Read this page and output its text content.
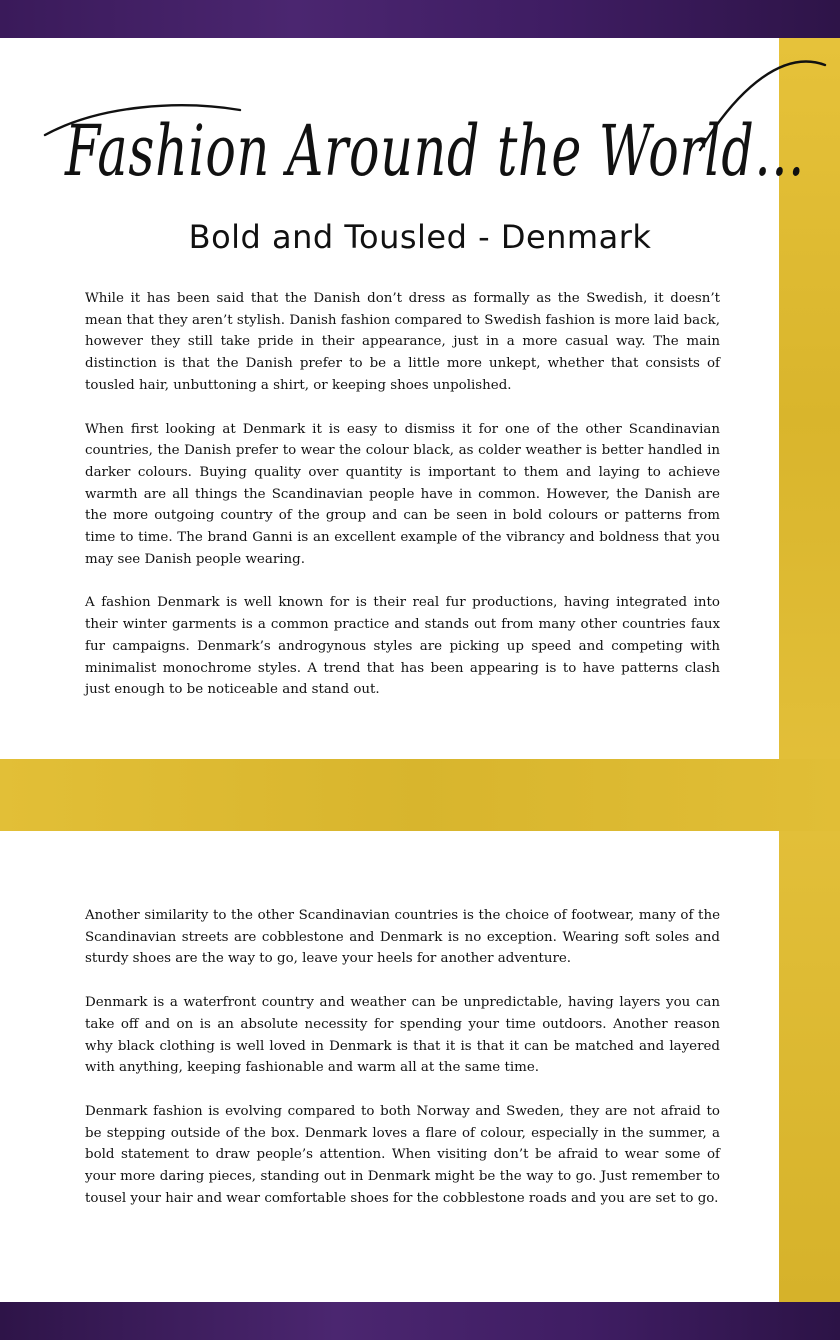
Fashion Around the World...
Bold and Tousled - Denmark

While it has been said that the Danish don’t dress as formally as the Swedish, it doesn’t mean that they aren’t stylish. Danish fashion compared to Swedish fashion is more laid back, however they still take pride in their appearance, just in a more casual way. The main distinction is that the Danish prefer to be a little more unkept, whether that consists of tousled hair, unbuttoning a shirt, or keeping shoes unpolished.

When first looking at Denmark it is easy to dismiss it for one of the other Scandinavian countries, the Danish prefer to wear the colour black, as colder weather is better handled in darker colours. Buying quality over quantity is important to them and laying to achieve warmth are all things the Scandinavian people have in common. However, the Danish are the more outgoing country of the group and can be seen in bold colours or patterns from time to time. The brand Ganni is an excellent example of the vibrancy and boldness that you may see Danish people wearing.

A fashion Denmark is well known for is their real fur productions, having integrated into their winter garments is a common practice and stands out from many other countries faux fur campaigns. Denmark’s androgynous styles are picking up speed and competing with minimalist monochrome styles. A trend that has been appearing is to have patterns clash just enough to be noticeable and stand out.

Another similarity to the other Scandinavian countries is the choice of footwear, many of the Scandinavian streets are cobblestone and Denmark is no exception. Wearing soft soles and sturdy shoes are the way to go, leave your heels for another adventure.

Denmark is a waterfront country and weather can be unpredictable, having layers you can take off and on is an absolute necessity for spending your time outdoors. Another reason why black clothing is well loved in Denmark is that it is that it can be matched and layered with anything, keeping fashionable and warm all at the same time.

Denmark fashion is evolving compared to both Norway and Sweden, they are not afraid to be stepping outside of the box. Denmark loves a flare of colour, especially in the summer, a bold statement to draw people’s attention. When visiting don’t be afraid to wear some of your more daring pieces, standing out in Denmark might be the way to go. Just remember to tousel your hair and wear comfortable shoes for the cobblestone roads and you are set to go.
